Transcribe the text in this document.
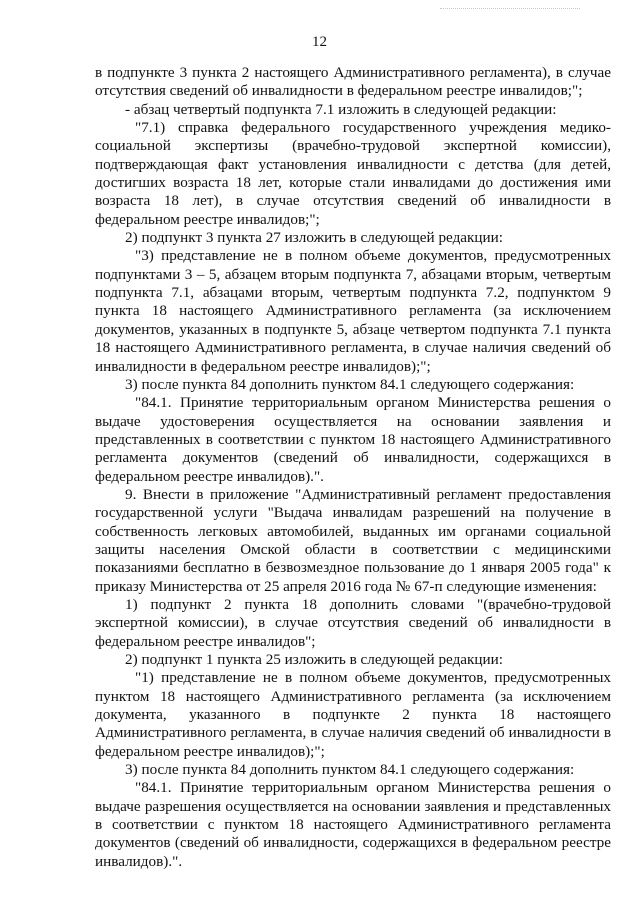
12

в подпункте 3 пункта 2 настоящего Административного регламента), в случае отсутствия сведений об инвалидности в федеральном реестре инвалидов;";

- абзац четвертый подпункта 7.1 изложить в следующей редакции:

"7.1) справка федерального государственного учреждения медико-социальной экспертизы (врачебно-трудовой экспертной комиссии), подтверждающая факт установления инвалидности с детства (для детей, достигших возраста 18 лет, которые стали инвалидами до достижения ими возраста 18 лет), в случае отсутствия сведений об инвалидности в федеральном реестре инвалидов;";

2) подпункт 3 пункта 27 изложить в следующей редакции:

"3) представление не в полном объеме документов, предусмотренных подпунктами 3 – 5, абзацем вторым подпункта 7, абзацами вторым, четвертым подпункта 7.1, абзацами вторым, четвертым подпункта 7.2, подпунктом 9 пункта 18 настоящего Административного регламента (за исключением документов, указанных в подпункте 5, абзаце четвертом подпункта 7.1 пункта 18 настоящего Административного регламента, в случае наличия сведений об инвалидности в федеральном реестре инвалидов);";

3) после пункта 84 дополнить пунктом 84.1 следующего содержания:

"84.1. Принятие территориальным органом Министерства решения о выдаче удостоверения осуществляется на основании заявления и представленных в соответствии с пунктом 18 настоящего Административного регламента документов (сведений об инвалидности, содержащихся в федеральном реестре инвалидов).".

9. Внести в приложение "Административный регламент предоставления государственной услуги "Выдача инвалидам разрешений на получение в собственность легковых автомобилей, выданных им органами социальной защиты населения Омской области в соответствии с медицинскими показаниями бесплатно в безвозмездное пользование до 1 января 2005 года" к приказу Министерства от 25 апреля 2016 года № 67-п следующие изменения:

1) подпункт 2 пункта 18 дополнить словами "(врачебно-трудовой экспертной комиссии), в случае отсутствия сведений об инвалидности в федеральном реестре инвалидов";

2) подпункт 1 пункта 25 изложить в следующей редакции:

"1) представление не в полном объеме документов, предусмотренных пунктом 18 настоящего Административного регламента (за исключением документа, указанного в подпункте 2 пункта 18 настоящего Административного регламента, в случае наличия сведений об инвалидности в федеральном реестре инвалидов);";

3) после пункта 84 дополнить пунктом 84.1 следующего содержания:

"84.1. Принятие территориальным органом Министерства решения о выдаче разрешения осуществляется на основании заявления и представленных в соответствии с пунктом 18 настоящего Административного регламента документов (сведений об инвалидности, содержащихся в федеральном реестре инвалидов).".
